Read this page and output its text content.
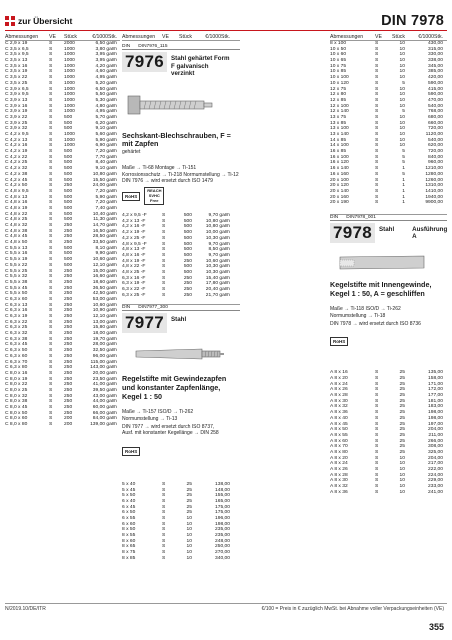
zur Übersicht	DIN 7978
Abmessungen	VE	Stück	€/1000Stk.
C 2,9 x 19	S	2000	6,50 gal/h
C 3,5 x 6,5	S	1000	3,80 gal/h
C 3,5 x 9,5	S	1000	3,95 gal/h
C 3,5 x 13	S	1000	3,95 gal/h
C 3,5 x 16	S	1000	4,20 gal/h
C 3,5 x 19	S	1000	4,60 gal/h
C 3,5 x 22	S	1000	4,95 gal/h
C 3,5 x 25	S	1000	5,20 gal/h
C 3,9 x 6,5	S	1000	6,50 gal/h
C 3,9 x 9,5	S	1000	5,50 gal/h
C 3,9 x 13	S	1000	5,30 gal/h
C 3,9 x 16	S	1000	4,80 gal/h
C 3,9 x 19	S	1000	4,95 gal/h
C 3,9 x 22	S	500	5,70 gal/h
C 3,9 x 25	S	500	6,20 gal/h
C 3,9 x 32	S	500	9,10 gal/h
C 4,2 x 9,5	S	1000	5,60 gal/h
C 4,2 x 13	S	1000	5,90 gal/h
C 4,2 x 16	S	1000	6,90 gal/h
C 4,2 x 19	S	500	7,20 gal/h
C 4,2 x 22	S	500	7,70 gal/h
C 4,2 x 25	S	500	8,40 gal/h
C 4,2 x 32	S	500	9,10 gal/h
C 4,2 x 38	S	500	10,80 gal/h
C 4,2 x 45	S	500	15,50 gal/h
C 4,2 x 50	S	250	24,00 gal/h
C 4,8 x 9,5	S	500	7,20 gal/h
C 4,8 x 13	S	500	5,90 gal/h
C 4,8 x 16	S	500	7,20 gal/h
C 4,8 x 19	S	500	7,40 gal/h
C 4,8 x 22	S	500	10,40 gal/h
C 4,8 x 25	S	500	11,30 gal/h
C 4,8 x 32	S	250	14,70 gal/h
C 4,8 x 38	S	250	16,50 gal/h
C 4,8 x 45	S	250	28,50 gal/h
C 4,8 x 50	S	250	33,50 gal/h
C 5,5 x 13	S	500	8,10 gal/h
C 5,5 x 16	S	500	9,90 gal/h
C 5,5 x 19	S	500	10,60 gal/h
C 5,5 x 22	S	500	12,10 gal/h
C 5,5 x 25	S	250	15,00 gal/h
C 5,5 x 32	S	250	16,60 gal/h
C 5,5 x 38	S	250	18,60 gal/h
C 5,5 x 45	S	250	36,50 gal/h
C 5,5 x 50	S	250	42,50 gal/h
C 6,3 x 60	S	250	53,00 gal/h
C 6,3 x 13	S	250	10,60 gal/h
C 6,3 x 16	S	250	10,90 gal/h
C 6,3 x 19	S	250	12,10 gal/h
C 6,3 x 22	S	250	13,00 gal/h
C 6,3 x 25	S	250	15,80 gal/h
C 6,3 x 32	S	250	18,00 gal/h
C 6,3 x 38	S	250	19,70 gal/h
C 6,3 x 45	S	250	28,00 gal/h
C 6,3 x 50	S	250	32,50 gal/h
C 6,3 x 60	S	250	96,00 gal/h
C 6,3 x 70	S	250	115,00 gal/h
C 6,3 x 80	S	250	143,00 gal/h
C 8,0 x 16	S	250	20,00 gal/h
C 8,0 x 19	S	250	23,50 gal/h
C 8,0 x 22	S	250	41,00 gal/h
C 8,0 x 25	S	250	39,50 gal/h
C 8,0 x 32	S	250	43,00 gal/h
C 8,0 x 38	S	250	44,00 gal/h
C 8,0 x 45	S	250	60,00 gal/h
C 8,0 x 50	S	250	66,00 gal/h
C 8,0 x 60	S	200	84,00 gal/h
C 8,0 x 80	S	200	139,00 gal/h
Abmessungen	VE	Stück	€/1000Stk.
DIN DIN7976_115
7976	Stahl gehärtet Form F galvanisch verzinkt
Sechskant-Blechschrauben, F = mit Zapfen
gehärtet
Maße → Ti-68 Montage → Ti-151
Korrosionsschutz → Ti-218 Normumstellung → Ti-12
DIN 7976 → wird ersetzt durch ISO 1479
RoHS
REACH SVHC Free
4,2 x 9,5 -F	S	500	9,70 gal/h
4,2 x 13 -F	S	500	10,80 gal/h
4,2 x 16 -F	S	500	10,80 gal/h
4,2 x 19 -F	S	500	10,00 gal/h
4,2 x 25 -F	S	500	10,30 gal/h
4,8 x 9,5 -F	S	500	9,70 gal/h
4,8 x 13 -F	S	500	8,50 gal/h
4,8 x 16 -F	S	500	9,70 gal/h
4,8 x 19 -F	S	250	10,60 gal/h
4,8 x 22 -F	S	500	10,30 gal/h
4,8 x 25 -F	S	500	10,30 gal/h
6,3 x 16 -F	S	250	15,40 gal/h
6,3 x 19 -F	S	250	17,80 gal/h
6,3 x 22 -F	S	250	20,40 gal/h
6,3 x 25 -F	S	250	21,70 gal/h
DIN DIN7977_300
7977	Stahl
Regelstifte mit Gewindezapfen und konstanter Zapfenlänge, Kegel 1 : 50
Maße → Ti-157 ISO/D → Ti-262
Normumstellung → Ti-13
DIN 7977 → wird ersetzt durch ISO 8737,
Ausf. mit konstanter Kegellänge → DIN 258
RoHS
5 x 40	S	25	138,00
5 x 45	S	25	148,00
5 x 50	S	25	155,00
6 x 40	S	25	165,00
6 x 45	S	25	175,00
6 x 50	S	25	175,00
6 x 55	S	10	196,00
6 x 60	S	10	198,00
8 x 50	S	10	235,00
8 x 55	S	10	235,00
8 x 60	S	10	248,00
8 x 65	S	10	250,00
8 x 75	S	10	270,00
8 x 85	S	10	340,00
Abmessungen	VE	Stück	€/1000Stk.
8 x 100	S	10	430,00
10 x 50	S	10	315,00
10 x 60	S	10	330,00
10 x 65	S	10	338,00
10 x 75	S	10	345,00
10 x 85	S	10	385,00
10 x 100	S	10	420,00
10 x 120	S	5	590,00
12 x 75	S	10	415,00
12 x 80	S	10	590,00
12 x 85	S	10	470,00
12 x 100	S	10	540,00
12 x 140	S	5	768,00
13 x 75	S	10	680,00
13 x 85	S	10	660,00
13 x 100	S	10	720,00
13 x 140	S	10	1120,00
14 x 85	S	10	540,00
14 x 100	S	10	620,00
16 x 85	S	5	720,00
16 x 100	S	5	840,00
16 x 120	S	5	960,00
16 x 140	S	1	1210,00
16 x 160	S	5	1280,00
20 x 100	S	1	1260,00
20 x 120	S	1	1310,00
20 x 140	S	1	1410,00
20 x 160	S	1	1940,00
20 x 190	S	1	9900,00
DIN DIN7978_001
7978	Stahl	Ausführung A
Kegelstifte mit Innengewinde, Kegel 1 : 50, A = geschliffen
Maße → Ti-118 ISO/D → Ti-262
Normumstellung → Ti-18
DIN 7978 → wird ersetzt durch ISO 8736
RoHS
A 8 x 16	S	25	135,00
A 8 x 20	S	25	158,00
A 8 x 24	S	25	171,00
A 8 x 26	S	25	172,00
A 8 x 28	S	25	177,00
A 8 x 30	S	25	181,00
A 8 x 32	S	25	183,00
A 8 x 36	S	25	198,00
A 8 x 40	S	25	198,00
A 8 x 45	S	25	197,00
A 8 x 50	S	25	204,00
A 8 x 55	S	25	211,00
A 8 x 60	S	25	266,00
A 8 x 70	S	25	308,00
A 8 x 80	S	25	325,00
A 8 x 20	S	10	204,00
A 8 x 24	S	10	217,00
A 8 x 26	S	10	222,00
A 8 x 28	S	10	224,00
A 8 x 30	S	10	229,00
A 8 x 32	S	10	233,00
A 8 x 36	S	10	241,00
N/2019.10/DE/ITR	€/100 = Preis in € zuzüglich MwSt. bei Abnahme voller Verpackungseinheiten (VE)
355
